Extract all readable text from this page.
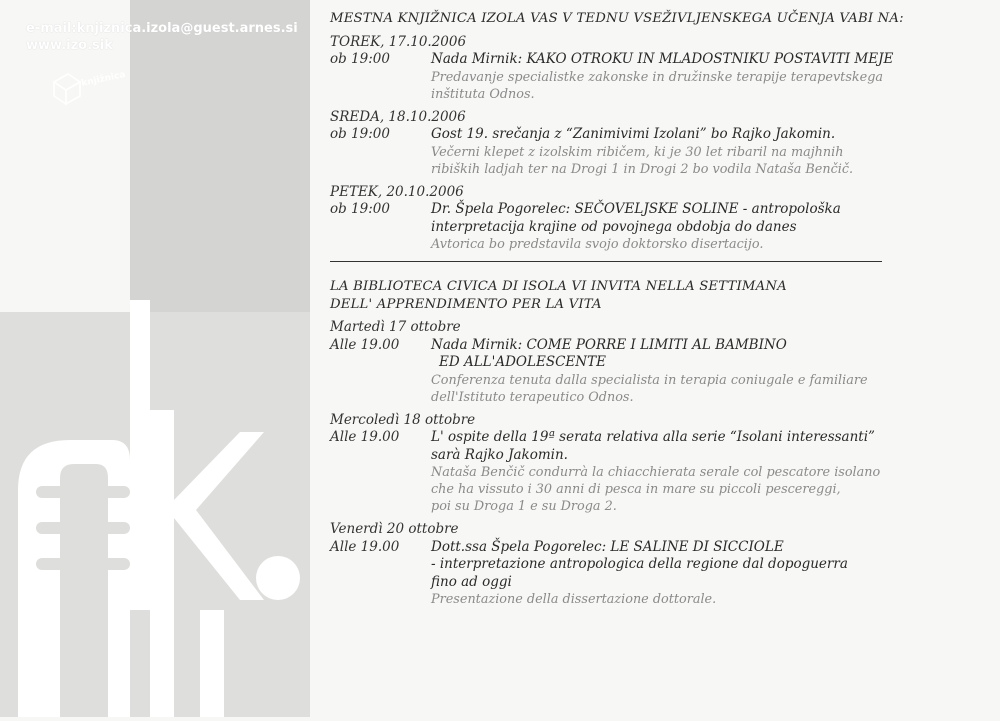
e-mail:knjiznica.izola@guest.arnes.si
www.izo.sik
knjižnica
MESTNA KNJIŽNICA IZOLA VAS V TEDNU VSEŽIVLJENSKEGA UČENJA VABI NA:
TOREK, 17.10.2006
ob 19:00	Nada Mirnik: KAKO OTROKU IN MLADOSTNIKU POSTAVITI MEJE
Predavanje specialistke zakonske in družinske terapije terapevtskega
inštituta Odnos.
SREDA, 18.10.2006
ob 19:00	Gost 19. srečanja z “Zanimivimi Izolani” bo Rajko Jakomin.
Večerni klepet z izolskim ribičem, ki je 30 let ribaril na majhnih
ribiških ladjah ter na Drogi 1 in Drogi 2 bo vodila Nataša Benčič.
PETEK, 20.10.2006
ob 19:00	Dr. Špela Pogorelec: SEČOVELJSKE SOLINE - antropološka
interpretacija krajine od povojnega obdobja do danes
Avtorica bo predstavila svojo doktorsko disertacijo.
LA BIBLIOTECA CIVICA DI ISOLA VI INVITA NELLA SETTIMANA
DELL' APPRENDIMENTO PER LA VITA
Martedì 17 ottobre
Alle 19.00	Nada Mirnik: COME PORRE I LIMITI AL BAMBINO
ED ALL'ADOLESCENTE
Conferenza tenuta dalla specialista in terapia coniugale e familiare
dell'Istituto terapeutico Odnos.
Mercoledì 18 ottobre
Alle 19.00	L' ospite della 19ª serata relativa alla serie “Isolani interessanti”
sarà Rajko Jakomin.
Nataša Benčič condurrà la chiacchierata serale col pescatore isolano
che ha vissuto i 30 anni di pesca in mare su piccoli pescereggi,
poi su Droga 1 e su Droga 2.
Venerdì 20 ottobre
Alle 19.00	Dott.ssa Špela Pogorelec: LE SALINE DI SICCIOLE
- interpretazione antropologica della regione dal dopoguerra
fino ad oggi
Presentazione della dissertazione dottorale.
